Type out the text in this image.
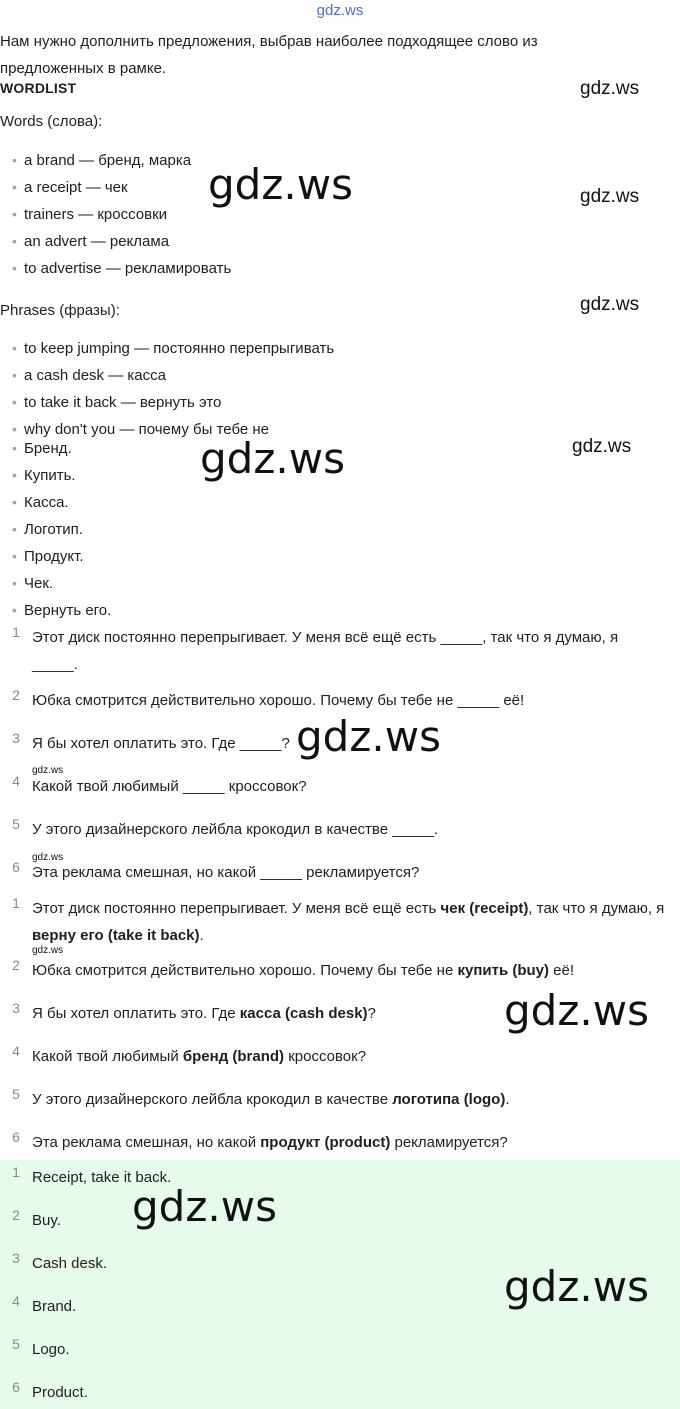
gdz.ws
Нам нужно дополнить предложения, выбрав наиболее подходящее слово из предложенных в рамке.
WORDLIST
Words (слова):
• a brand — бренд, марка
• a receipt — чек
• trainers — кроссовки
• an advert — реклама
• to advertise — рекламировать
Phrases (фразы):
• to keep jumping — постоянно перепрыгивать
• a cash desk — касса
• to take it back — вернуть это
• why don't you — почему бы тебе не
• Бренд.
• Купить.
• Касса.
• Логотип.
• Продукт.
• Чек.
• Вернуть его.
1 Этот диск постоянно перепрыгивает. У меня всё ещё есть _____, так что я думаю, я _____.
2 Юбка смотрится действительно хорошо. Почему бы тебе не _____ её!
3 Я бы хотел оплатить это. Где _____?
4 Какой твой любимый _____ кроссовок?
5 У этого дизайнерского лейбла крокодил в качестве _____.
6 Эта реклама смешная, но какой _____ рекламируется?
1 Этот диск постоянно перепрыгивает. У меня всё ещё есть чек (receipt), так что я думаю, я верну его (take it back).
2 Юбка смотрится действительно хорошо. Почему бы тебе не купить (buy) её!
3 Я бы хотел оплатить это. Где касса (cash desk)?
4 Какой твой любимый бренд (brand) кроссовок?
5 У этого дизайнерского лейбла крокодил в качестве логотипа (logo).
6 Эта реклама смешная, но какой продукт (product) рекламируется?
1 Receipt, take it back.
2 Buy.
3 Cash desk.
4 Brand.
5 Logo.
6 Product.
gdz.ws
gdz.ws	gdz.ws
gdz.ws
gdz.ws	gdz.ws
gdz.ws
gdz.ws
gdz.ws
gdz.ws
gdz.ws
gdz.ws
gdz.ws
